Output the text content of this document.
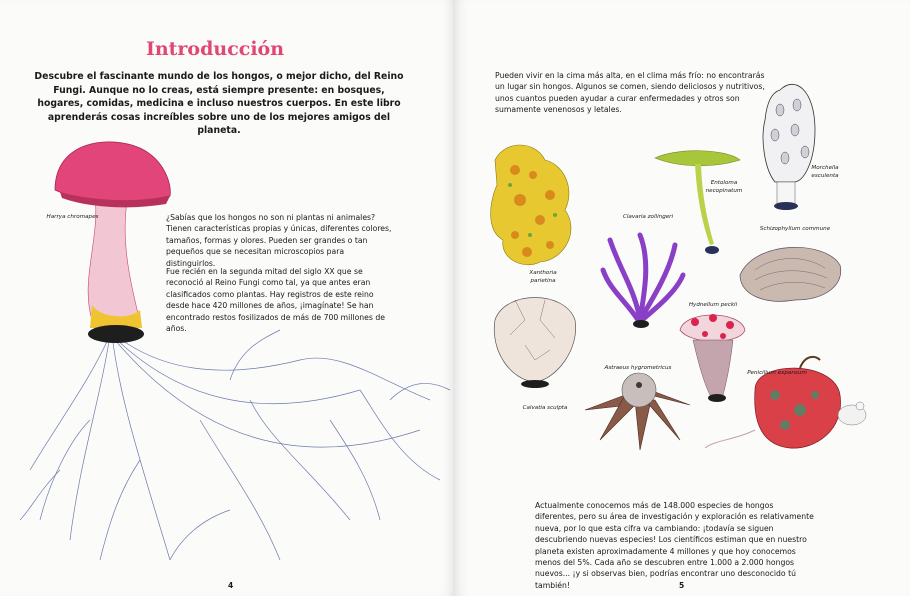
Introducción
Descubre el fascinante mundo de los hongos, o mejor dicho, del Reino Fungi. Aunque no lo creas, está siempre presente: en bosques, hogares, comidas, medicina e incluso nuestros cuerpos. En este libro aprenderás cosas increíbles sobre uno de los mejores amigos del planeta.
Harrya chromapes	¿Sabías que los hongos no son ni plantas ni animales? Tienen características propias y únicas, diferentes colores, tamaños, formas y olores. Pueden ser grandes o tan pequeños que se necesitan microscopios para distinguirlos.
Fue recién en la segunda mitad del siglo XX que se reconoció al Reino Fungi como tal, ya que antes eran clasificados como plantas. Hay registros de este reino desde hace 420 millones de años, ¡imagínate! Se han encontrado restos fosilizados de más de 700 millones de años.
4
Pueden vivir en la cima más alta, en el clima más frío: no encontrarás un lugar sin hongos. Algunos se comen, siendo deliciosos y nutritivos, unos cuantos pueden ayudar a curar enfermedades y otros son sumamente venenosos y letales.
Entoloma necopinatum
Morchella esculenta
Clavaria zollingeri
Schizophyllum commune
Xanthoria parietina
Hydnellum peckii
Astraeus hygrometricus
Penicilium expansum
Calvatia sculpta
Actualmente conocemos más de 148.000 especies de hongos diferentes, pero su área de investigación y exploración es relativamente nueva, por lo que esta cifra va cambiando: ¡todavía se siguen descubriendo nuevas especies! Los científicos estiman que en nuestro planeta existen aproximadamente 4 millones y que hoy conocemos menos del 5%. Cada año se descubren entre 1.000 a 2.000 hongos nuevos... ¡y si observas bien, podrías encontrar uno desconocido tú también!	5
